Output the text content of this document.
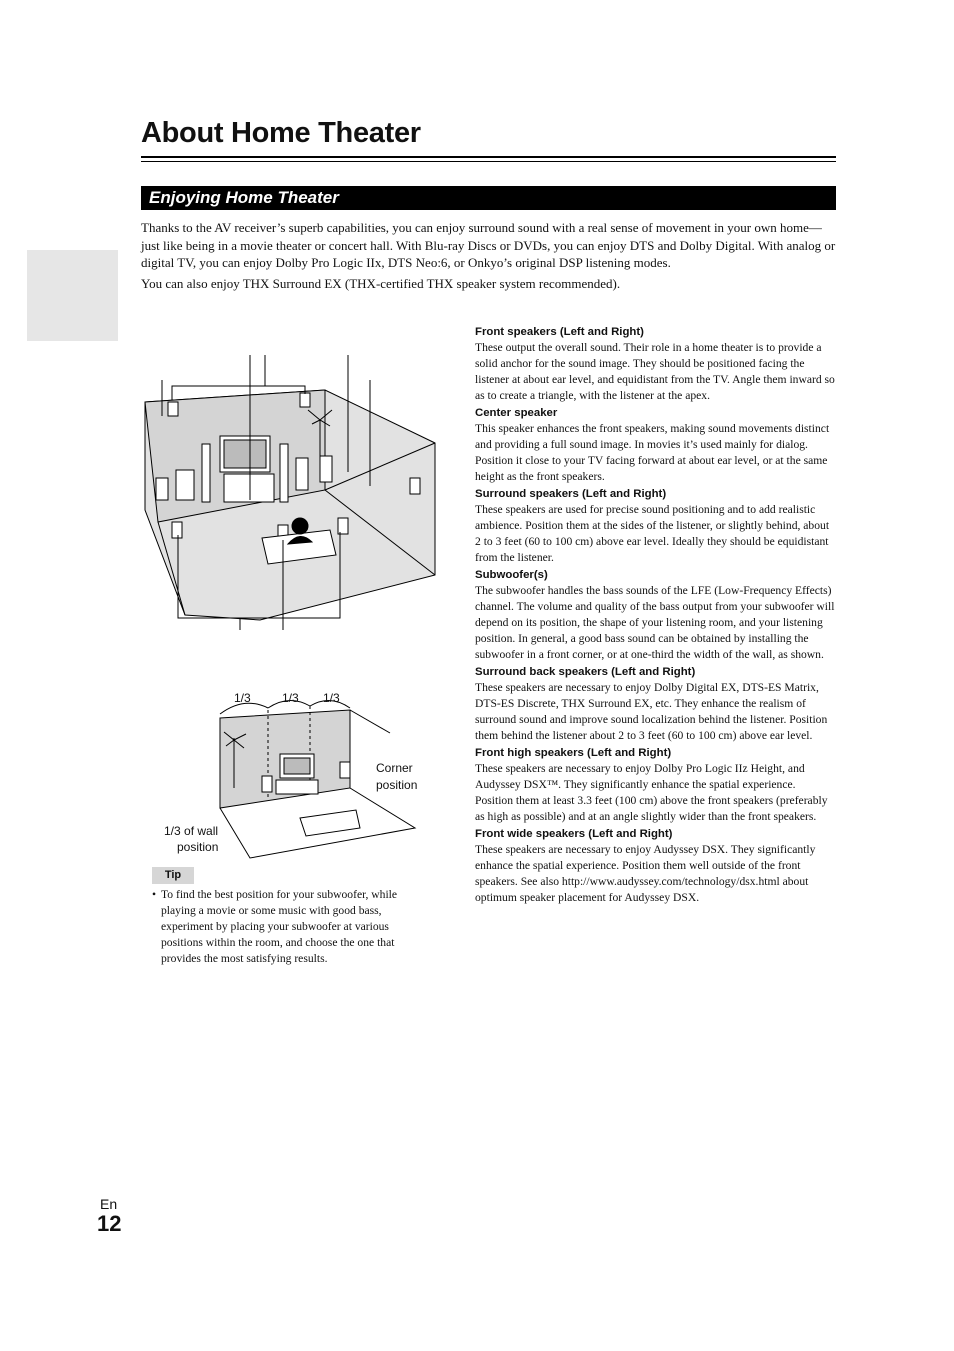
About Home Theater
Enjoying Home Theater

Thanks to the AV receiver’s superb capabilities, you can enjoy surround sound with a real sense of movement in your own home—just like being in a movie theater or concert hall. With Blu-ray Discs or DVDs, you can enjoy DTS and Dolby Digital. With analog or digital TV, you can enjoy Dolby Pro Logic IIx, DTS Neo:6, or Onkyo’s original DSP listening modes.

You can also enjoy THX Surround EX (THX-certified THX speaker system recommended).

1/3	1/3 1/3
Corner
position
1/3 of wall
position
Tip
• To find the best position for your subwoofer, while playing a movie or some music with good bass, experiment by placing your subwoofer at various positions within the room, and choose the one that provides the most satisfying results.
Front speakers (Left and Right)

These output the overall sound. Their role in a home theater is to provide a solid anchor for the sound image. They should be positioned facing the listener at about ear level, and equidistant from the TV. Angle them inward so as to create a triangle, with the listener at the apex.

Center speaker

This speaker enhances the front speakers, making sound movements distinct and providing a full sound image. In movies it’s used mainly for dialog. Position it close to your TV facing forward at about ear level, or at the same height as the front speakers.

Surround speakers (Left and Right)

These speakers are used for precise sound positioning and to add realistic ambience. Position them at the sides of the listener, or slightly behind, about 2 to 3 feet (60 to 100 cm) above ear level. Ideally they should be equidistant from the listener.

Subwoofer(s)

The subwoofer handles the bass sounds of the LFE (Low-Frequency Effects) channel. The volume and quality of the bass output from your subwoofer will depend on its position, the shape of your listening room, and your listening position. In general, a good bass sound can be obtained by installing the subwoofer in a front corner, or at one-third the width of the wall, as shown.

Surround back speakers (Left and Right)

These speakers are necessary to enjoy Dolby Digital EX, DTS-ES Matrix, DTS-ES Discrete, THX Surround EX, etc. They enhance the realism of surround sound and improve sound localization behind the listener. Position them behind the listener about 2 to 3 feet (60 to 100 cm) above ear level.

Front high speakers (Left and Right)

These speakers are necessary to enjoy Dolby Pro Logic IIz Height, and Audyssey DSX™. They significantly enhance the spatial experience. Position them at least 3.3 feet (100 cm) above the front speakers (preferably as high as possible) and at an angle slightly wider than the front speakers.

Front wide speakers (Left and Right)

These speakers are necessary to enjoy Audyssey DSX. They significantly enhance the spatial experience. Position them well outside of the front speakers. See also http://www.audyssey.com/technology/dsx.html about optimum speaker placement for Audyssey DSX.

En
12
